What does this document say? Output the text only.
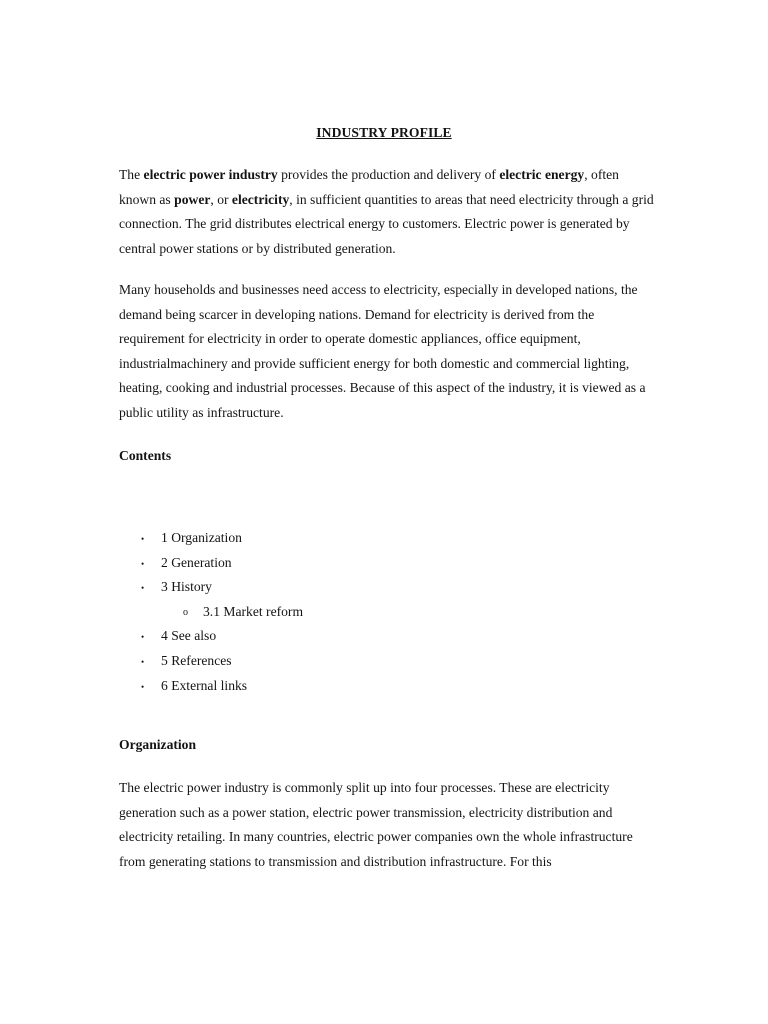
INDUSTRY PROFILE

The electric power industry provides the production and delivery of electric energy, often known as power, or electricity, in sufficient quantities to areas that need electricity through a grid connection. The grid distributes electrical energy to customers. Electric power is generated by central power stations or by distributed generation.

Many households and businesses need access to electricity, especially in developed nations, the demand being scarcer in developing nations. Demand for electricity is derived from the requirement for electricity in order to operate domestic appliances, office equipment, industrialmachinery and provide sufficient energy for both domestic and commercial lighting, heating, cooking and industrial processes. Because of this aspect of the industry, it is viewed as a public utility as infrastructure.

Contents
• 1 Organization
• 2 Generation
• 3 History
o 3.1 Market reform
• 4 See also
• 5 References
• 6 External links
Organization

The electric power industry is commonly split up into four processes. These are electricity generation such as a power station, electric power transmission, electricity distribution and electricity retailing. In many countries, electric power companies own the whole infrastructure from generating stations to transmission and distribution infrastructure. For this
